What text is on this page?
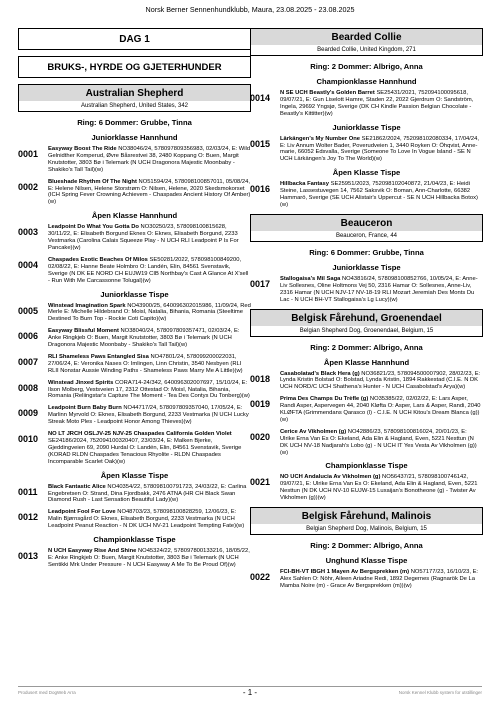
Norsk Berner Sennenhundklubb, Maura, 23.08.2025 - 23.08.2025
DAG 1
BRUKS-, HYRDE OG GJETERHUNDER
Australian Shepherd
Australian Shepherd, United States, 342
Ring: 6 Dommer: Grubbe, Tinna
Juniorklasse Hannhund
0001	Easyway Boost The Ride NO38046/24, 578097809356983, 02/03/24, E: Wild Gelnidther Komperud, Øvre Båsrestvei 38, 2480 Koppang O: Buen, Margit Knutstotter, 3803 Bø i Telemark (N UCH Dragonora Majestic Moonbaby - Shakiko's Tall Tail)(w)
0002	Blueshade Rhythm Of The Night NO51594/24, 578098100857011, 05/08/24, E: Helene Nilsen, Helene Storstrøm O: Nilsen, Helene, 2020 Skedsmokorset (ICH Spring Fever Crowning Achievem - Chaspades Ancient History Of Amber)(w)
Åpen Klasse Hannhund
0003	Leadpoint Do What You Gotta Do NO30250/23, 578098100815628, 30/11/22, E: Elisabeth Borgund Eknes O: Eknes, Elisabeth Borgund, 2233 Vestmarka (Carolina Calais Squeeze Play - N UCH RLI Leadpoint P Is For Pancake)(w)
0004	Chaspades Exotic Beaches Of Milos SE50281/2022, 578098100849200, 02/08/22, E: Hanne Beate Holmbro O: Landén, Elin, 84561 Svenstavik, Sverige (N DK EE NORD CH EUJW19 CIB Northbay's Cast A Glance At X'sell - Run With Me Carcassonne Tolugal)(w)
Juniorklasse Tispe
0005	Winstead Imagination Spark NO43900/25, 640096302015986, 11/09/24, Red Merle E: Michelle Hildebrand O: Moisl, Natalia, Bihania, Romania (Steeltime Destined To Burn Top - Rockie Coti Capito)(w)
0006	Easyway Blissful Moment NO38040/24, 578097809357471, 02/03/24, E: Anke Ringkjeb O: Buen, Margit Knutstotter, 3803 Bø i Telemark (N UCH Dragonora Majestic Moonbaby - Shakiko's Tall Tail)(w)
0007	RLI Shameless Paws Entangled Sisa NO47801/24, 578099200022031, 27/06/24, E: Veronika Nases O: Imlingen, Linn Christin, 3540 Nesbyen (RLI RLII Nonstar Aussie Winding Paths - Shameless Paws Marry Me A Little)(w)
0008	Winstead Jinxed Spirits CORA714-24/342, 640096302007697, 15/10/24, E: Ilson Molberg, Vestsveien 17, 2312 Ottestad O: Moisl, Natalia, Bihania, Romania (Reliingstar's Capture The Moment - Tea Des Contys Du Tonberg)(w)
0009	Leadpoint Burn Baby Burn NO44717/24, 578097809357040, 17/05/24, E: Marlinn Myrvold O: Eknes, Elisabeth Borgund, 2233 Vestmarka (N UCH Lucky Streak Moto Ples - Leadpoint Honor Among Thieves)(w)
0010	NO LT JRCH OSLJV-25 NJV-25 Chaspades California Golden Violet SE24186/2024, 752094100320407, 23/03/24, E: Malken Bjerke, Gjeddingveien 69, 2090 Hurdal O: Landén, Elin, 84561 Svenstavik, Sverige (KORAD RLDN Chaspades Tenacious Rhyolite - RLDN Chaspades Incomparable Scarlet Oak)(w)
Åpen Klasse Tispe
0011	Black Fantastic Alice NO40354/22, 578098100791723, 24/03/22, E: Carlina Engebretsen O: Strand, Dina Fjordbakk, 2476 ATNA (HR CH Black Swan Diamond Rush - Last Sensation Beautiful Lady)(w)
0012	Leadpoint Fool For Love NO48703/23, 578098100828259, 12/06/23, E: Malin Bjørnsgård O: Eknes, Elisabeth Borgund, 2233 Vestmarka (N UCH Leadpoint Peanut Reaction - N DK UCH NV-21 Leadpoint Tempting Fate)(w)
Championklasse Tispe
0013	N UCH Easyway Rise And Shine NO45324/22, 578097800133216, 18/05/22, E: Anke Ringkjeb O: Buen, Margit Knutstotter, 3803 Bø i Telemark (N UCH Sentikki Mrk Under Pressure - N UCH Easyway A Me To Be Proud Of)(w)
Bearded Collie
Bearded Collie, United Kingdom, 271
Ring: 2 Dommer: Albrigo, Anna
Championklasse Hannhund
0014	N SE UCH Beastly's Golden Barret SE25431/2021, 752094100095618, 09/07/21, E: Gun Liselott Hamre, Staden 22, 2022 Gjerdrum O: Sandström, Ingela, 29692 Yngsjø, Sverige (DK CH Kindle Passion Belgian Chocolate - Beastly's Kittitter)(w)
Juniorklasse Tispe
0015	Lärkängen's My Number One SE21862/2024, 752098102080334, 17/04/24, E: Liv Annum Wolter Bader, Poverudveien 1, 3440 Royken O: Öhqvist, Anne-marie, 66052 Edsvalla, Sverige (Someone To Love In Vogue Island - SE N UCH Lärkängen's Joy To The World)(w)
Åpen Klasse Tispe
0016	Hillbacka Fantasy SE25951/2023, 752098102040872, 21/04/23, E: Heidi Steine, Lassestuvegen 14, 7562 Saksvik O: Boman, Ann-Charlotte, 66382 Hammarö, Sverige (SE UCH Alistair's Uppercut - SE N UCH Hillbacka Botox)(w)
Beauceron
Beauceron, France, 44
Ring: 6 Dommer: Grubbe, Tinna
Juniorklasse Tispe
0017	Stallogaisa's Mil Saga NO43816/24, 578098100852766, 10/05/24, E: Anne-Liv Sollesnes, Oline Holtmons Vej 50, 2316 Hamar O: Sollesnes, Anne-Liv, 2316 Hamar (N UCH NJV-17 NV-18-19 RLI Mozart Jeremiah Des Monts Du Lac - N UCH BH-VT Stallogaisa's Lg Lucy)(w)
Belgisk Fårehund, Groenendael
Belgian Shepherd Dog, Groenendael, Belgium, 15
Ring: 2 Dommer: Albrigo, Anna
Åpen Klasse Hannhund
0018	Casabolatad's Black Hera (g) NO36821/23, 578094500007902, 28/02/23, E: Lynda Kristin Bolstad O: Bolstad, Lynda Kristin, 1894 Rakkestad (C.I.E. N DK UCH NORD/C UCH Shathena's Hunter - N UCH Casabolstad's Arya)(w)
0019	Prima Des Champs Du Trèfle (g) NO35385/22, 02/02/22, E: Lars Asper, Randi Asper, Aspervegen 44, 2040 Kløfta O: Asper, Lars & Asper, Randi, 2040 KLØFTA (Grimmendans Qarasco (l) - C.I.E. N UCH Kitou's Dream Blanca (g))(w)
0020	Cerice Av Vikholmen (g) NO42886/23, 578098100816024, 20/01/23, E: Ulrike Erna Van Es O: Ekeland, Ada Elin & Hagland, Even, 5221 Nesttun (N DK UCH NV-18 Nadjarah's Lobo (g) - N UCH IT Yes Vesta Av Vikholmen (g))(w)
Championklasse Tispe
0021	NO UCH Andalucia Av Vikholmen (g) NO56437/21, 578098100746142, 09/07/21, E: Ulrike Erna Van Es O: Ekeland, Ada Elin & Hagland, Even, 5221 Nesttun (N DK UCH NV-10 EUJW-15 Luxaijan's Bonotheone (g) - Twister Av Vikholmen (g))(w)
Belgisk Fårehund, Malinois
Belgian Shepherd Dog, Malinois, Belgium, 15
Ring: 2 Dommer: Albrigo, Anna
Unghund Klasse Tispe
0022	FCI-BH-VT IBGH 1 Mayen Av Bergsprekken (m) NO57177/23, 16/10/23, E: Alex Sahlen O: Nöhr, Aileen Ariadne Redi, 1892 Degernes (Ragnarök De La Mamba Noire (m) - Grace Av Bergsprekken (m))(w)
Produsert med DogWeb Arra	- 1 -	Norsk Kennel Klubb system for utstillinger
